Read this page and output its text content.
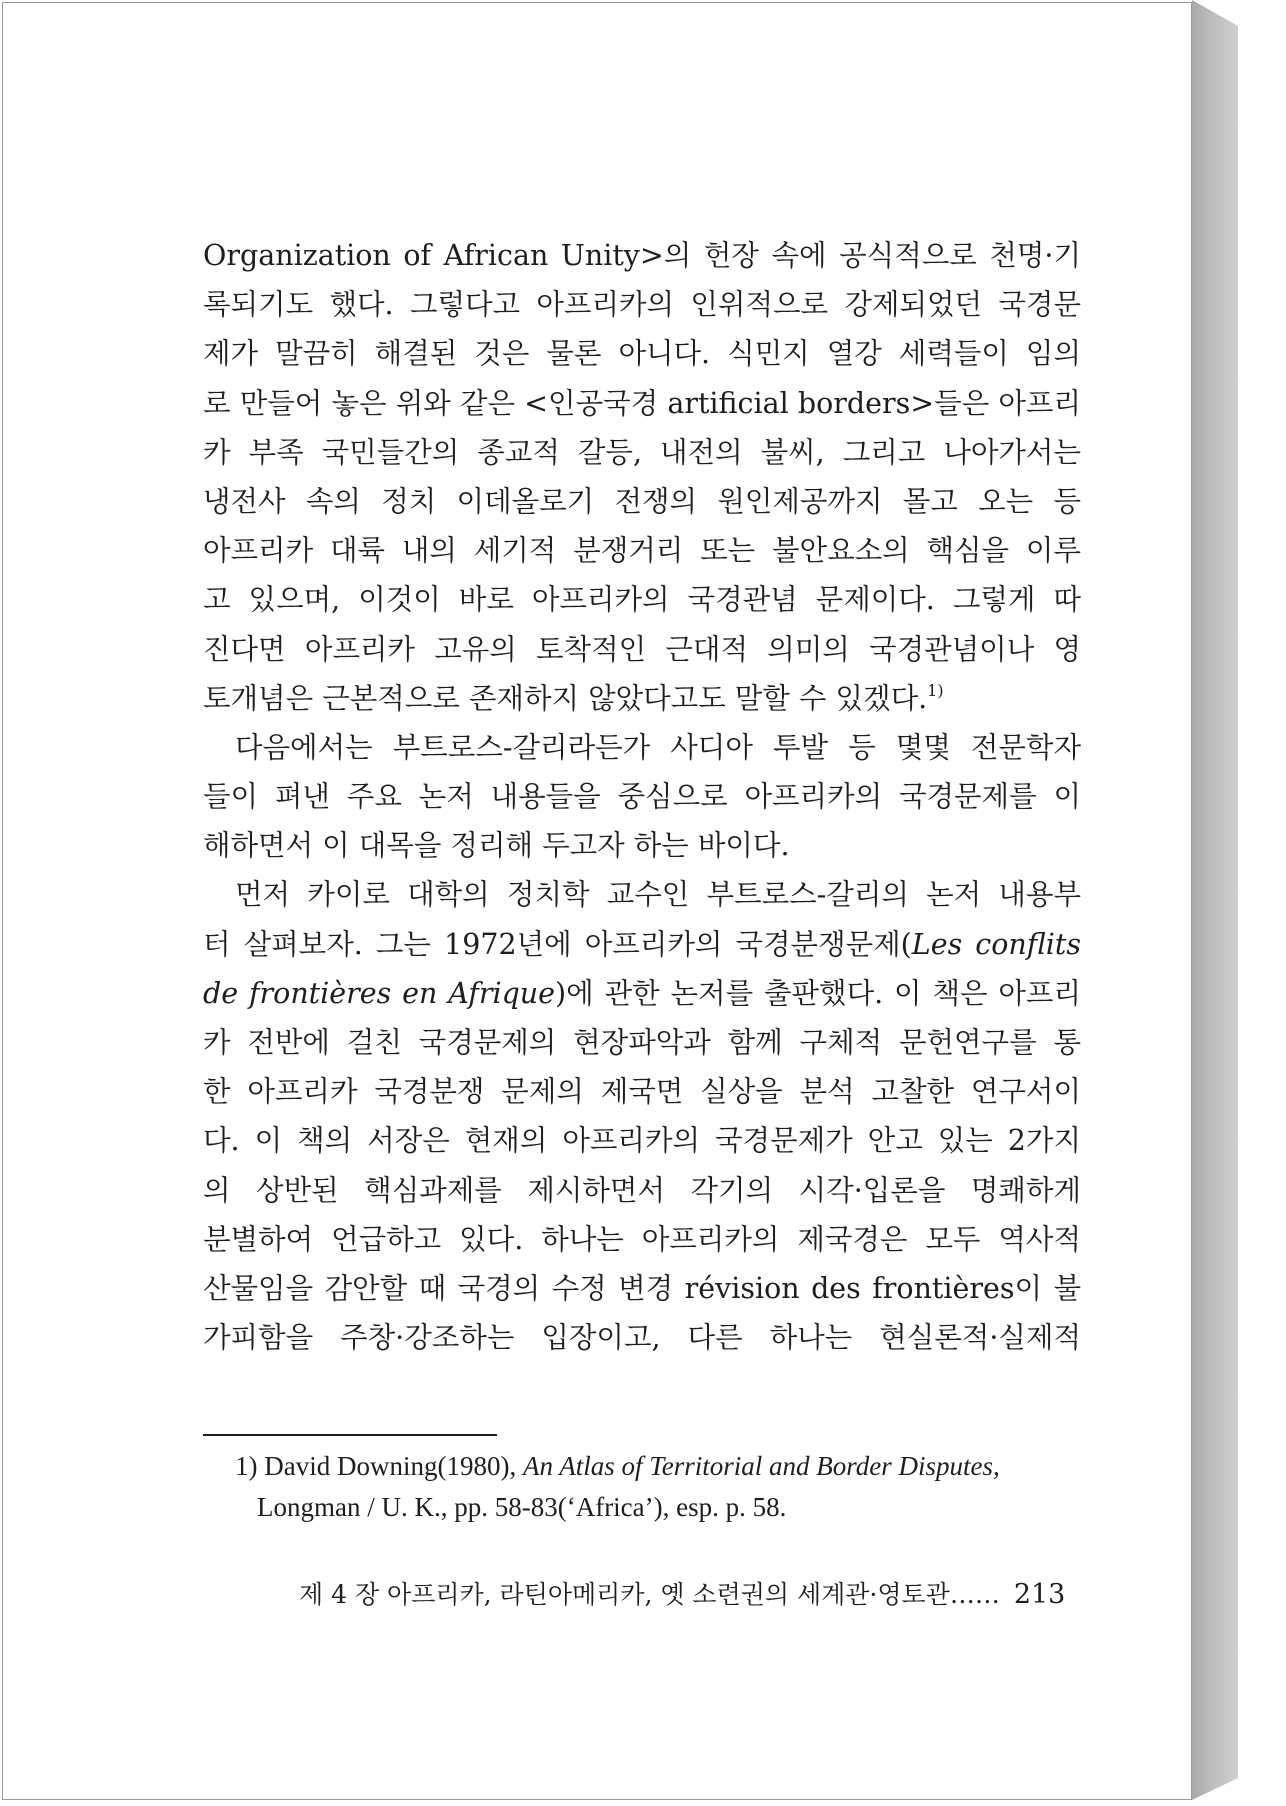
Organization of African Unity>의 헌장 속에 공식적으로 천명·기
록되기도 했다. 그렇다고 아프리카의 인위적으로 강제되었던 국경문
제가 말끔히 해결된 것은 물론 아니다. 식민지 열강 세력들이 임의
로 만들어 놓은 위와 같은 <인공국경 artificial borders>들은 아프리
카 부족 국민들간의 종교적 갈등, 내전의 불씨, 그리고 나아가서는
냉전사 속의 정치 이데올로기 전쟁의 원인제공까지 몰고 오는 등
아프리카 대륙 내의 세기적 분쟁거리 또는 불안요소의 핵심을 이루
고 있으며, 이것이 바로 아프리카의 국경관념 문제이다. 그렇게 따
진다면 아프리카 고유의 토착적인 근대적 의미의 국경관념이나 영
토개념은 근본적으로 존재하지 않았다고도 말할 수 있겠다.$^{1)}$
다음에서는 부트로스-갈리라든가 사디아 투발 등 몇몇 전문학자
들이 펴낸 주요 논저 내용들을 중심으로 아프리카의 국경문제를 이
해하면서 이 대목을 정리해 두고자 하는 바이다.
먼저 카이로 대학의 정치학 교수인 부트로스-갈리의 논저 내용부
터 살펴보자. 그는 1972년에 아프리카의 국경분쟁문제(Les conflits
de frontières en Afrique)에 관한 논저를 출판했다. 이 책은 아프리
카 전반에 걸친 국경문제의 현장파악과 함께 구체적 문헌연구를 통
한 아프리카 국경분쟁 문제의 제국면 실상을 분석 고찰한 연구서이
다. 이 책의 서장은 현재의 아프리카의 국경문제가 안고 있는 2가지
의 상반된 핵심과제를 제시하면서 각기의 시각·입론을 명쾌하게
분별하여 언급하고 있다. 하나는 아프리카의 제국경은 모두 역사적
산물임을 감안할 때 국경의 수정 변경 révision des frontières이 불
가피함을 주창·강조하는 입장이고, 다른 하나는 현실론적·실제적
1) David Downing(1980), An Atlas of Territorial and Border Disputes,
Longman / U. K., pp. 58-83(‘Africa’), esp. p. 58.
제 4 장 아프리카, 라틴아메리카, 옛 소련권의 세계관·영토관…… 213
